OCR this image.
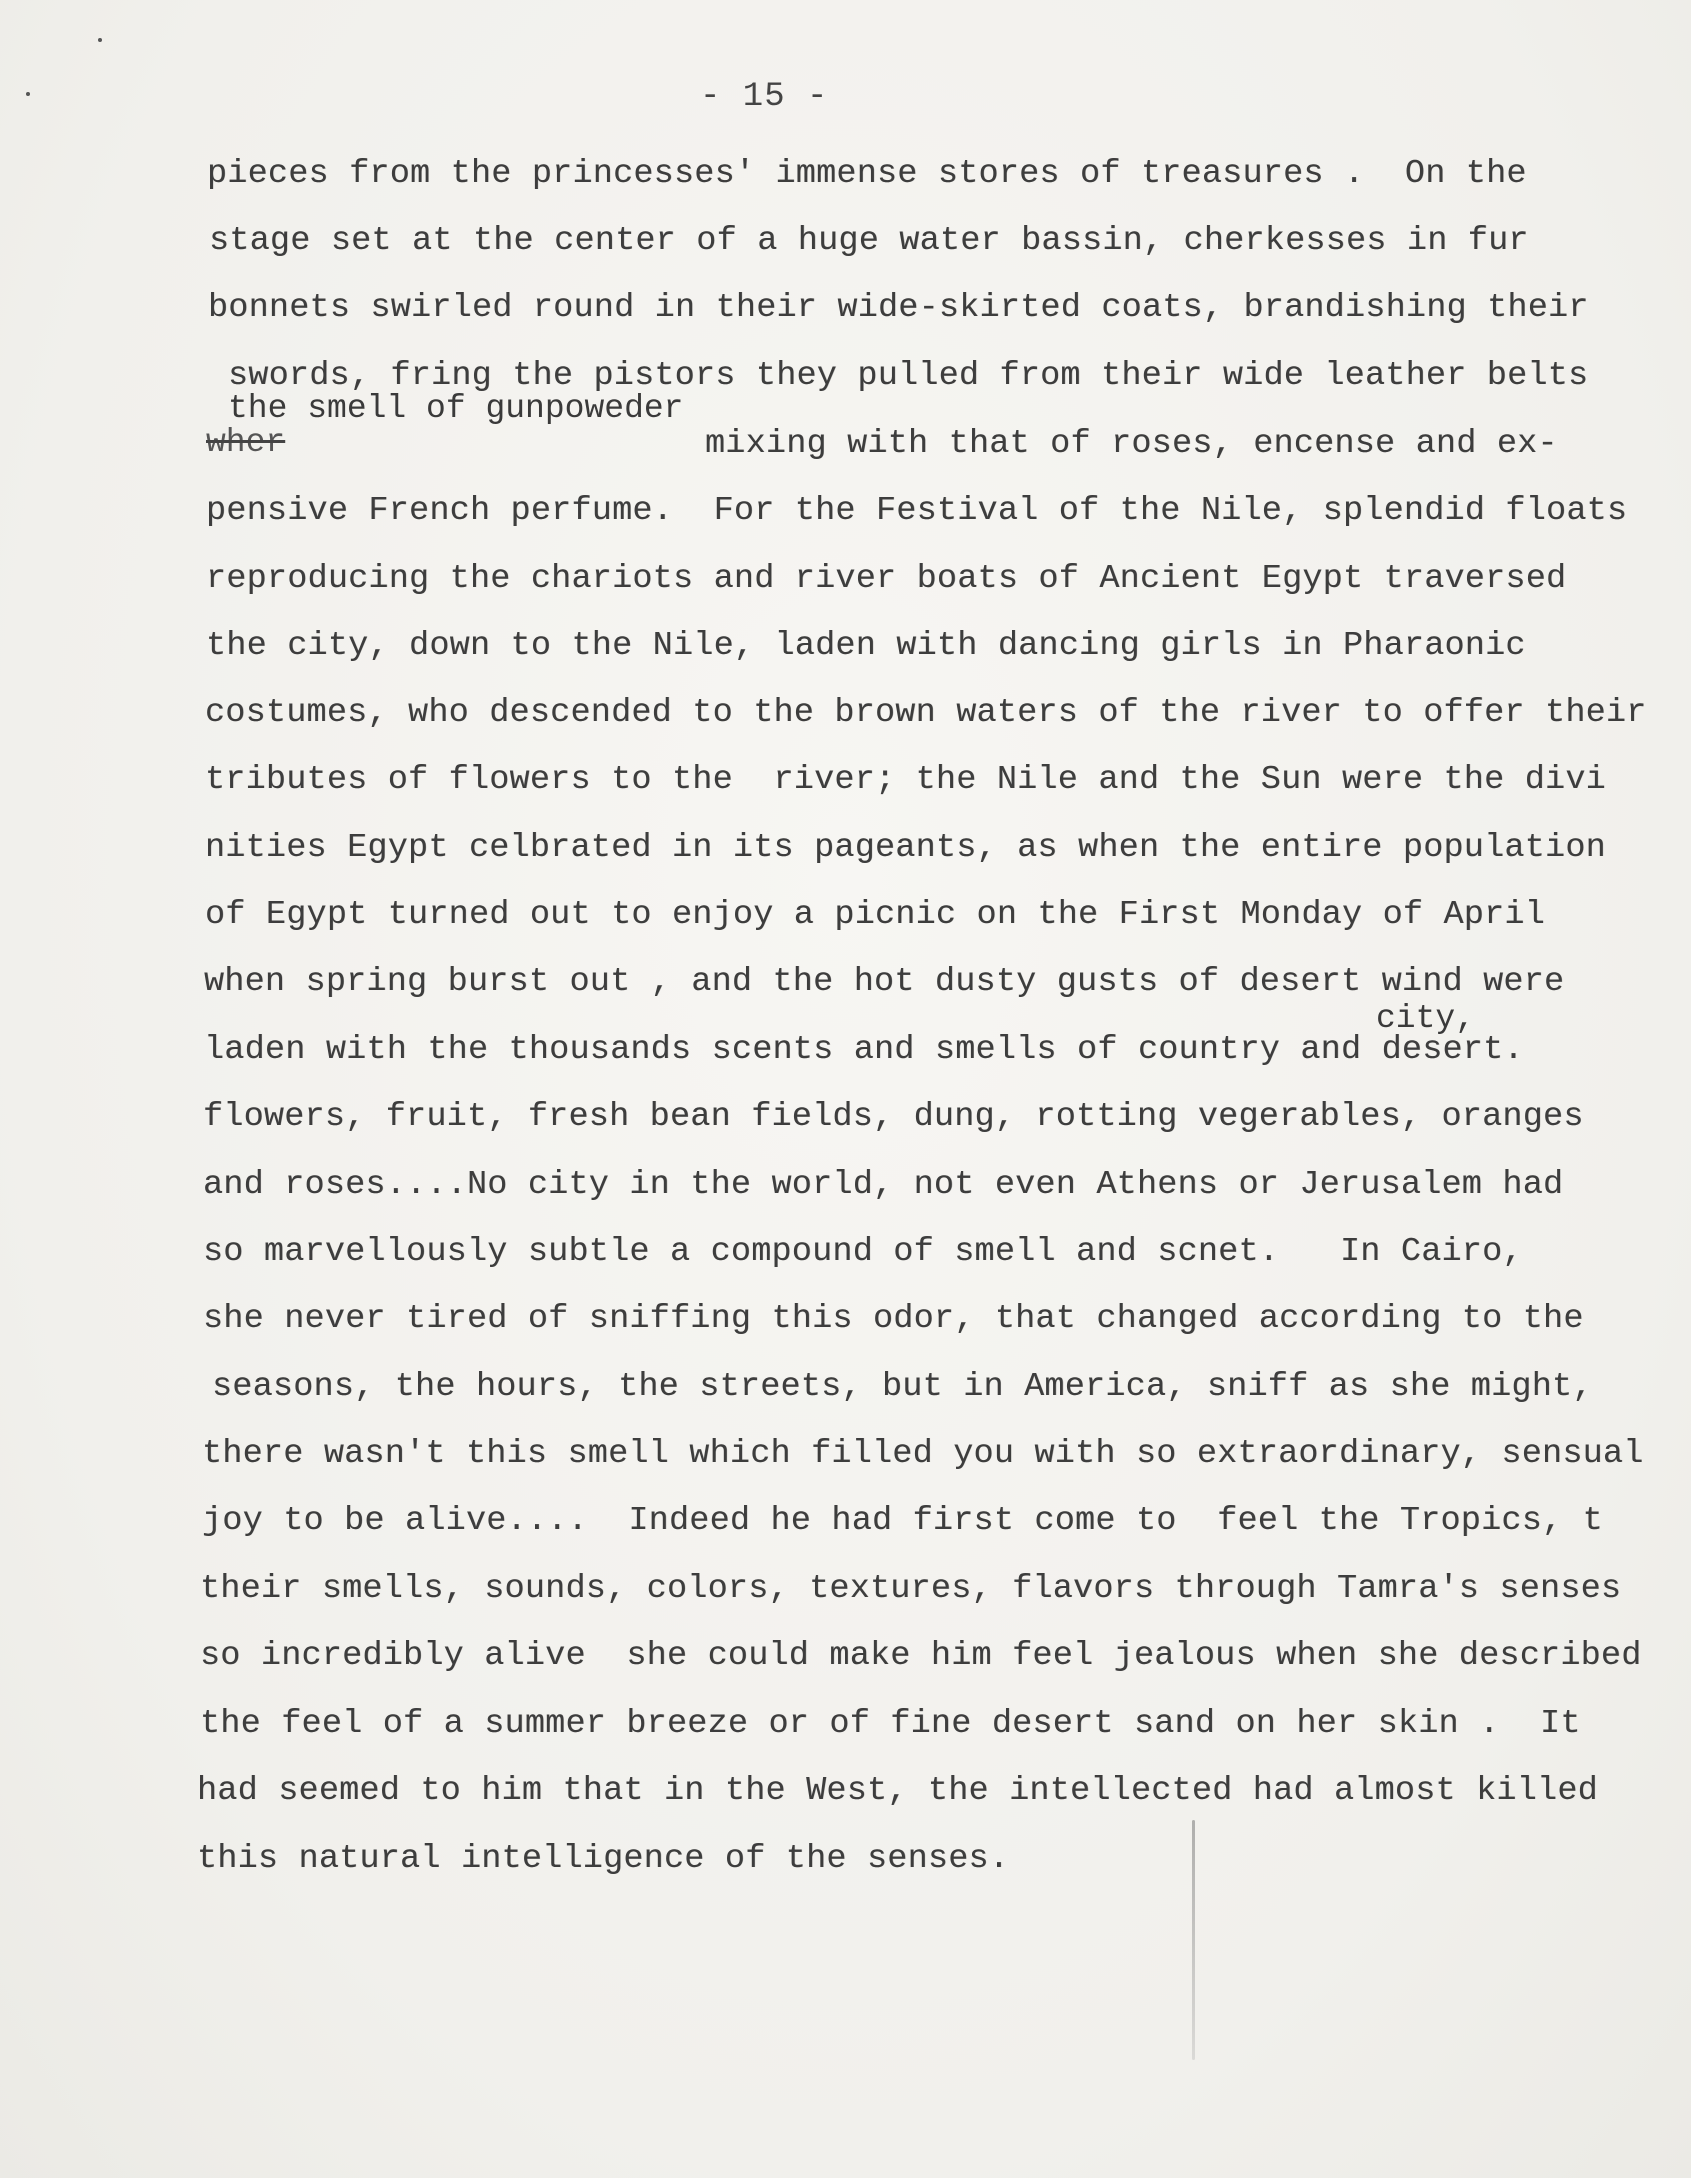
- 15 -
pieces from the princesses' immense stores of treasures .  On the
stage set at the center of a huge water bassin, cherkesses in fur
bonnets swirled round in their wide-skirted coats, brandishing their
swords, fring the pistors they pulled from their wide leather belts
the smell of gunpoweder
wher	mixing with that of roses, encense and ex-
pensive French perfume.  For the Festival of the Nile, splendid floats
reproducing the chariots and river boats of Ancient Egypt traversed
the city, down to the Nile, laden with dancing girls in Pharaonic
costumes, who descended to the brown waters of the river to offer their
tributes of flowers to the  river; the Nile and the Sun were the divi
nities Egypt celbrated in its pageants, as when the entire population
of Egypt turned out to enjoy a picnic on the First Monday of April
when spring burst out , and the hot dusty gusts of desert wind were
city,
laden with the thousands scents and smells of country and desert.
flowers, fruit, fresh bean fields, dung, rotting vegerables, oranges
and roses....No city in the world, not even Athens or Jerusalem had
so marvellously subtle a compound of smell and scnet.   In Cairo,
she never tired of sniffing this odor, that changed according to the
seasons, the hours, the streets, but in America, sniff as she might,
there wasn't this smell which filled you with so extraordinary, sensual
joy to be alive....  Indeed he had first come to  feel the Tropics, t
their smells, sounds, colors, textures, flavors through Tamra's senses
so incredibly alive  she could make him feel jealous when she described
the feel of a summer breeze or of fine desert sand on her skin .  It
had seemed to him that in the West, the intellected had almost killed
this natural intelligence of the senses.
